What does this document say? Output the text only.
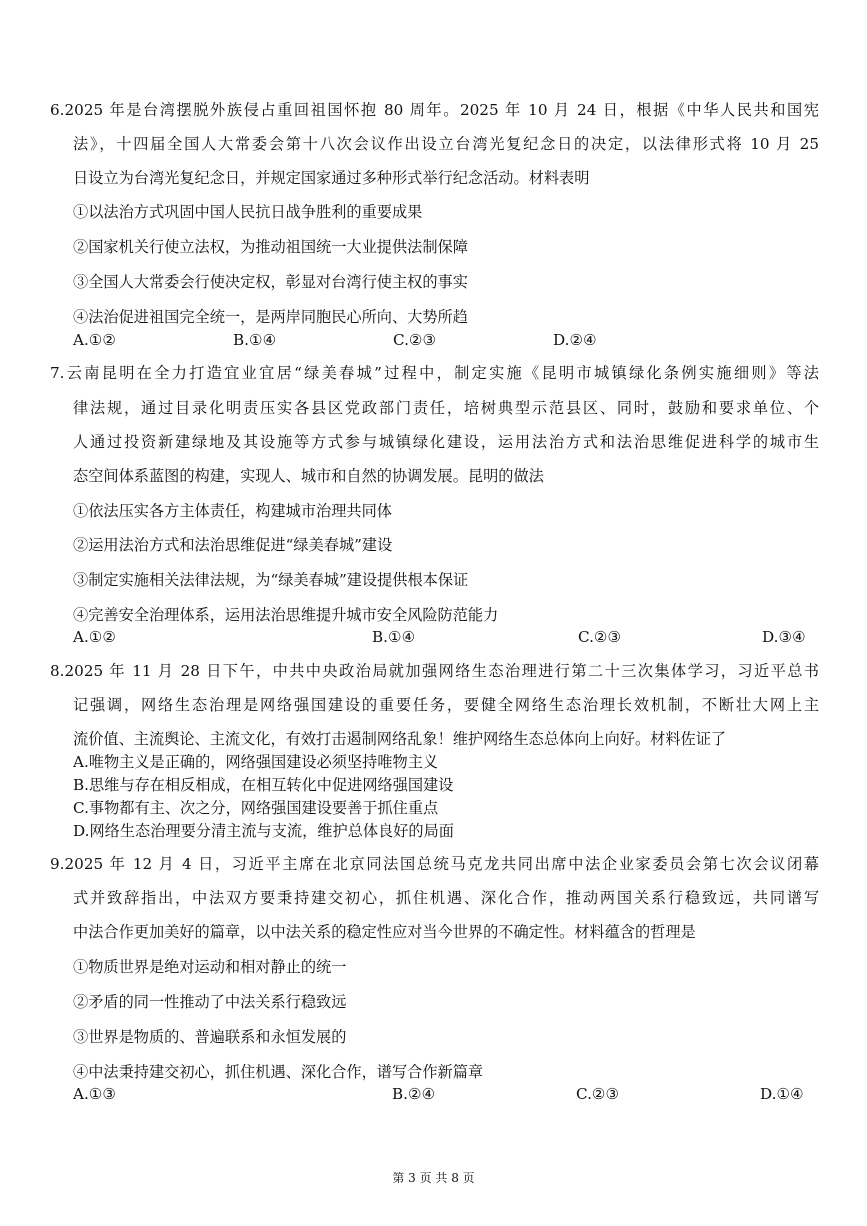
6.2025 年是台湾摆脱外族侵占重回祖国怀抱 80 周年。2025 年 10 月 24 日，根据《中华人民共和国宪
法》，十四届全国人大常委会第十八次会议作出设立台湾光复纪念日的决定，以法律形式将 10 月 25
日设立为台湾光复纪念日，并规定国家通过多种形式举行纪念活动。材料表明
①以法治方式巩固中国人民抗日战争胜利的重要成果
②国家机关行使立法权，为推动祖国统一大业提供法制保障
③全国人大常委会行使决定权，彰显对台湾行使主权的事实
④法治促进祖国完全统一，是两岸同胞民心所向、大势所趋
A.①②	B.①④	C.②③	D.②④
7.云南昆明在全力打造宜业宜居“绿美春城”过程中，制定实施《昆明市城镇绿化条例实施细则》等法
律法规，通过目录化明责压实各县区党政部门责任，培树典型示范县区、同时，鼓励和要求单位、个
人通过投资新建绿地及其设施等方式参与城镇绿化建设，运用法治方式和法治思维促进科学的城市生
态空间体系蓝图的构建，实现人、城市和自然的协调发展。昆明的做法
①依法压实各方主体责任，构建城市治理共同体
②运用法治方式和法治思维促进“绿美春城”建设
③制定实施相关法律法规，为“绿美春城”建设提供根本保证
④完善安全治理体系，运用法治思维提升城市安全风险防范能力
A.①②	B.①④	C.②③	D.③④
8.2025 年 11 月 28 日下午，中共中央政治局就加强网络生态治理进行第二十三次集体学习，习近平总书
记强调，网络生态治理是网络强国建设的重要任务，要健全网络生态治理长效机制，不断壮大网上主
流价值、主流舆论、主流文化，有效打击遏制网络乱象！维护网络生态总体向上向好。材料佐证了
A.唯物主义是正确的，网络强国建设必须坚持唯物主义
B.思维与存在相反相成，在相互转化中促进网络强国建设
C.事物都有主、次之分，网络强国建设要善于抓住重点
D.网络生态治理要分清主流与支流，维护总体良好的局面
9.2025 年 12 月 4 日，习近平主席在北京同法国总统马克龙共同出席中法企业家委员会第七次会议闭幕
式并致辞指出，中法双方要秉持建交初心，抓住机遇、深化合作，推动两国关系行稳致远，共同谱写
中法合作更加美好的篇章，以中法关系的稳定性应对当今世界的不确定性。材料蕴含的哲理是
①物质世界是绝对运动和相对静止的统一
②矛盾的同一性推动了中法关系行稳致远
③世界是物质的、普遍联系和永恒发展的
④中法秉持建交初心，抓住机遇、深化合作，谱写合作新篇章
A.①③	B.②④	C.②③	D.①④
第 3 页 共 8 页
